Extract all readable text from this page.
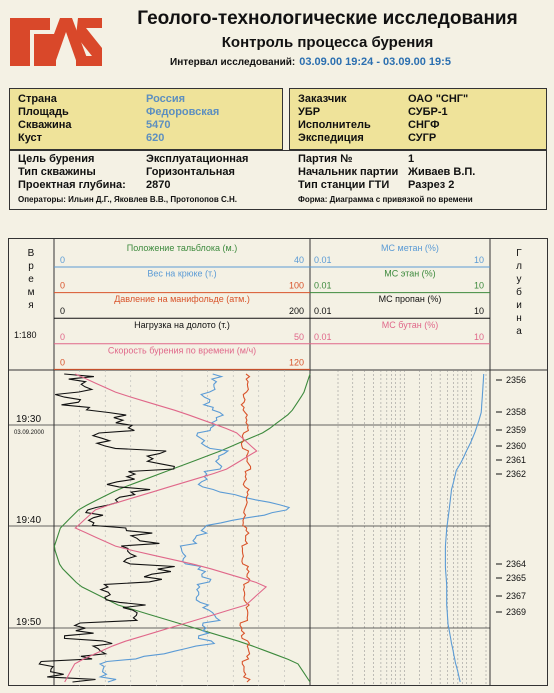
Геолого-технологические исследования
Контроль процесса бурения
Интервал исследований: 03.09.00 19:24 - 03.09.00 19:5
Страна	Россия
Площадь	Федоровская
Скважина	5470
Куст	620
Заказчик	ОАО "СНГ"
УБР	СУБР-1
Исполнитель	СНГФ
Экспедиция	СУГР
Цель бурения	Эксплуатационная
Тип скважины	Горизонтальная
Проектная глубина: 2870
Партия №	1
Начальник партии Живаев В.П.
Тип станции ГТИ Разрез 2
Операторы: Ильин Д.Г., Яковлев В.В., Протопопов С.Н.	Форма: Диаграмма с привязкой по времени
В
р
е
м
я
1:180
Г
л
у
б
и
н
а
Положение тальблока (м.)
0	40
Вес на крюке (т.)
0	100
Давление на манифольде (атм.)
0	200
Нагрузка на долото (т.)
0	50
Скорость бурения по времени (м/ч)
0	120
МС метан (%)
0.01	10
МС этан (%)
0.01	10
МС пропан (%)
0.01	10
МС бутан (%)
0.01	10
19:30
03.09.2000
19:40
19:50
2356
2358
2359
2360
2361
2362
2364
2365
2367
2369
